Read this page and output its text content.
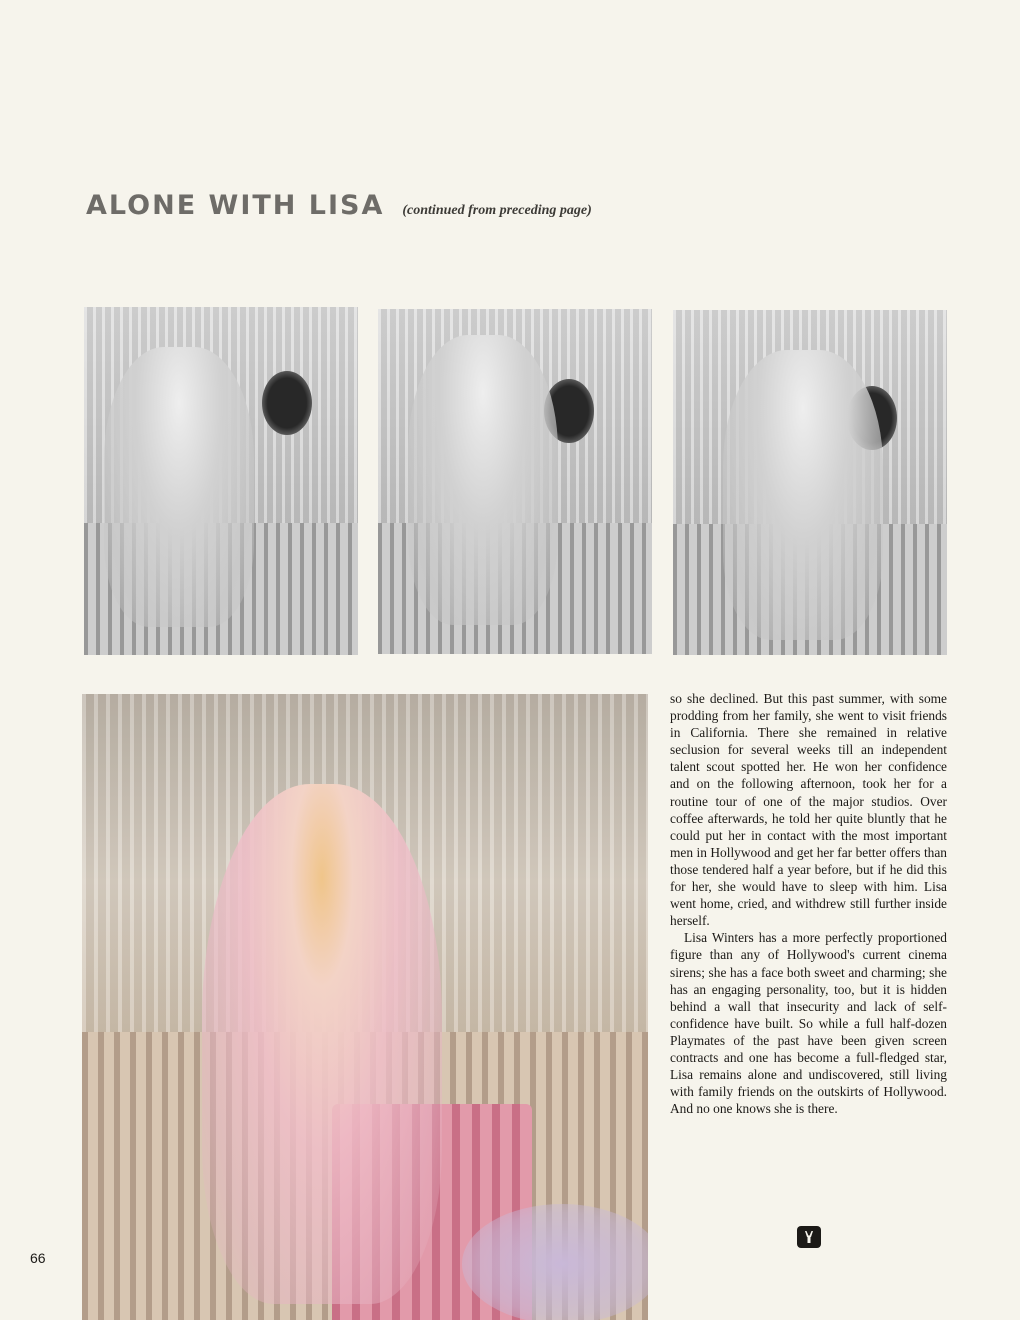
ALONE WITH LISA (continued from preceding page)

so she declined. But this past summer, with some prodding from her family, she went to visit friends in California. There she remained in relative seclusion for several weeks till an independent talent scout spotted her. He won her confidence and on the following afternoon, took her for a routine tour of one of the major studios. Over coffee afterwards, he told her quite bluntly that he could put her in contact with the most important men in Hollywood and get her far better offers than those tendered half a year before, but if he did this for her, she would have to sleep with him. Lisa went home, cried, and withdrew still further inside herself.

Lisa Winters has a more perfectly proportioned figure than any of Hollywood's current cinema sirens; she has a face both sweet and charming; she has an engaging personality, too, but it is hidden behind a wall that insecurity and lack of self-confidence have built. So while a full half-dozen Playmates of the past have been given screen contracts and one has become a full-fledged star, Lisa remains alone and undiscovered, still living with family friends on the outskirts of Hollywood. And no one knows she is there.

66
